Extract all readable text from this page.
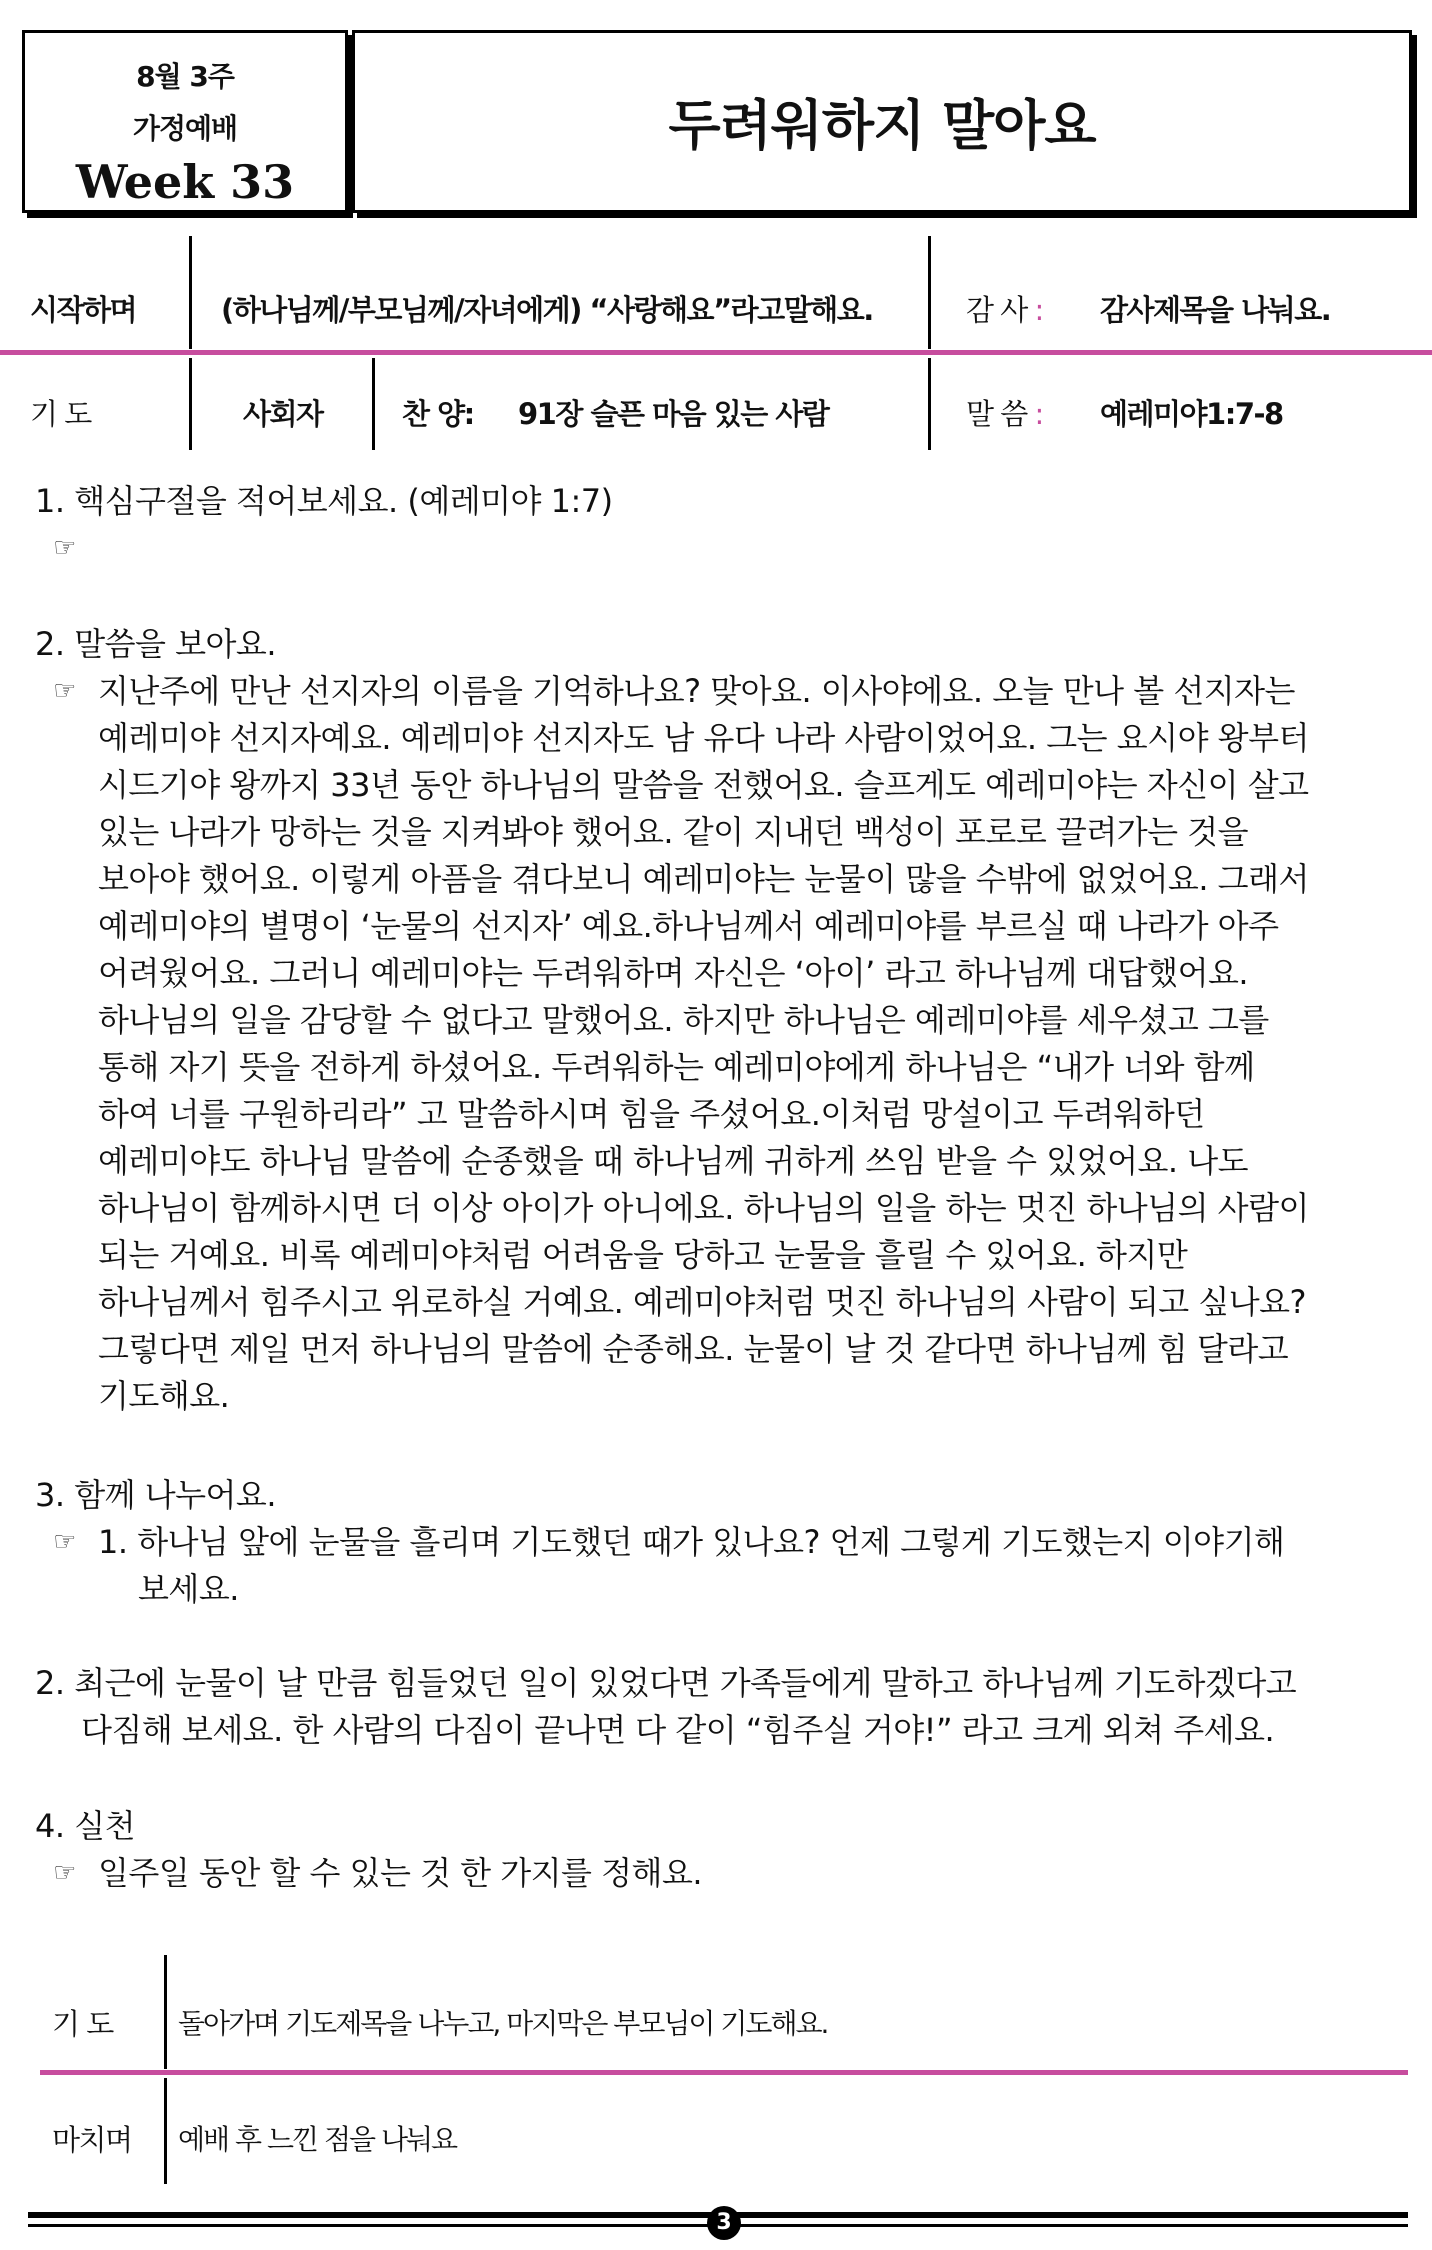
8월 3주
가정예배
Week 33
두려워하지 말아요
시작하며	(하나님께/부모님께/자녀에게) “사랑해요”라고말해요.	감 사 : 감사제목을 나눠요.
기 도	사회자	찬 양: 91장 슬픈 마음 있는 사람	말 씀 : 예레미야1:7-8
1. 핵심구절을 적어보세요. (예레미야 1:7)
☞
2. 말씀을 보아요.
☞ 지난주에 만난 선지자의 이름을 기억하나요? 맞아요. 이사야에요. 오늘 만나 볼 선지자는
예레미야 선지자예요. 예레미야 선지자도 남 유다 나라 사람이었어요. 그는 요시야 왕부터
시드기야 왕까지 33년 동안 하나님의 말씀을 전했어요. 슬프게도 예레미야는 자신이 살고
있는 나라가 망하는 것을 지켜봐야 했어요. 같이 지내던 백성이 포로로 끌려가는 것을
보아야 했어요. 이렇게 아픔을 겪다보니 예레미야는 눈물이 많을 수밖에 없었어요. 그래서
예레미야의 별명이 ‘눈물의 선지자’ 예요.하나님께서 예레미야를 부르실 때 나라가 아주
어려웠어요. 그러니 예레미야는 두려워하며 자신은 ‘아이’ 라고 하나님께 대답했어요.
하나님의 일을 감당할 수 없다고 말했어요. 하지만 하나님은 예레미야를 세우셨고 그를
통해 자기 뜻을 전하게 하셨어요. 두려워하는 예레미야에게 하나님은 “내가 너와 함께
하여 너를 구원하리라” 고 말씀하시며 힘을 주셨어요.이처럼 망설이고 두려워하던
예레미야도 하나님 말씀에 순종했을 때 하나님께 귀하게 쓰임 받을 수 있었어요. 나도
하나님이 함께하시면 더 이상 아이가 아니에요. 하나님의 일을 하는 멋진 하나님의 사람이
되는 거예요. 비록 예레미야처럼 어려움을 당하고 눈물을 흘릴 수 있어요. 하지만
하나님께서 힘주시고 위로하실 거예요. 예레미야처럼 멋진 하나님의 사람이 되고 싶나요?
그렇다면 제일 먼저 하나님의 말씀에 순종해요. 눈물이 날 것 같다면 하나님께 힘 달라고
기도해요.
3. 함께 나누어요.
☞ 1. 하나님 앞에 눈물을 흘리며 기도했던 때가 있나요? 언제 그렇게 기도했는지 이야기해
보세요.
2. 최근에 눈물이 날 만큼 힘들었던 일이 있었다면 가족들에게 말하고 하나님께 기도하겠다고
다짐해 보세요. 한 사람의 다짐이 끝나면 다 같이 “힘주실 거야!” 라고 크게 외쳐 주세요.
4. 실천
☞ 일주일 동안 할 수 있는 것 한 가지를 정해요.
기 도 돌아가며 기도제목을 나누고, 마지막은 부모님이 기도해요.
마치며 예배 후 느낀 점을 나눠요
3
